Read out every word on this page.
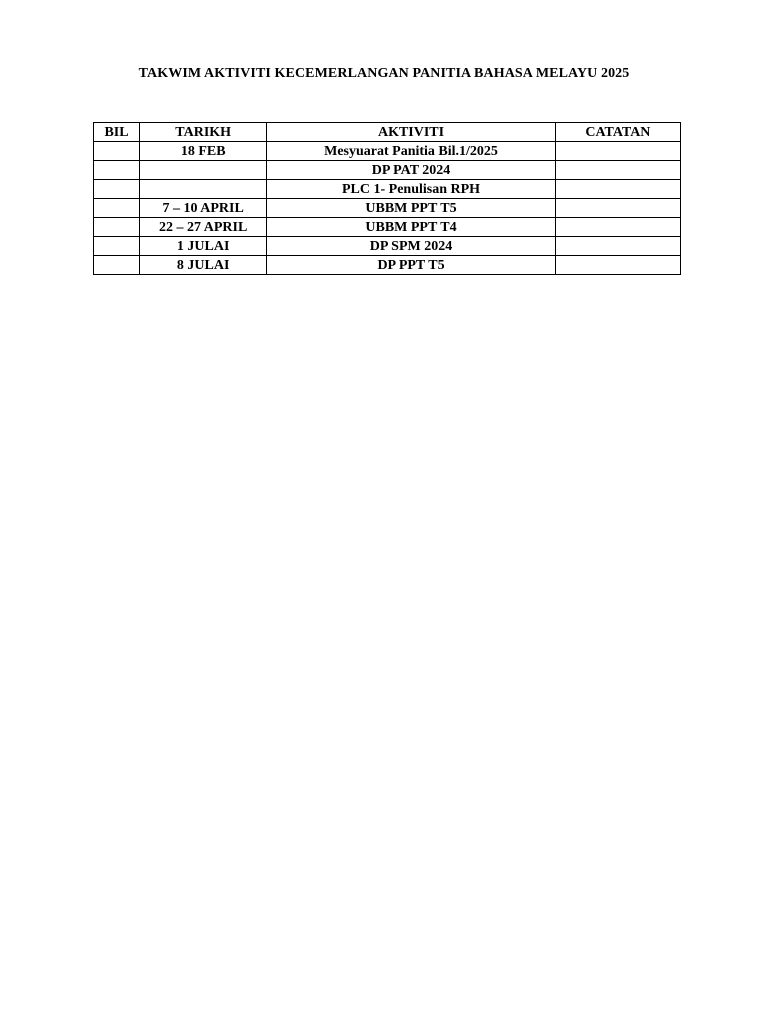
TAKWIM AKTIVITI KECEMERLANGAN PANITIA BAHASA MELAYU 2025
BIL	TARIKH	AKTIVITI	CATATAN
	18 FEB	Mesyuarat Panitia Bil.1/2025	
		DP PAT 2024	
		PLC 1- Penulisan RPH	
	7 – 10 APRIL	UBBM PPT T5	
	22 – 27 APRIL	UBBM PPT T4	
	1 JULAI	DP SPM 2024	
	8 JULAI	DP PPT T5	
